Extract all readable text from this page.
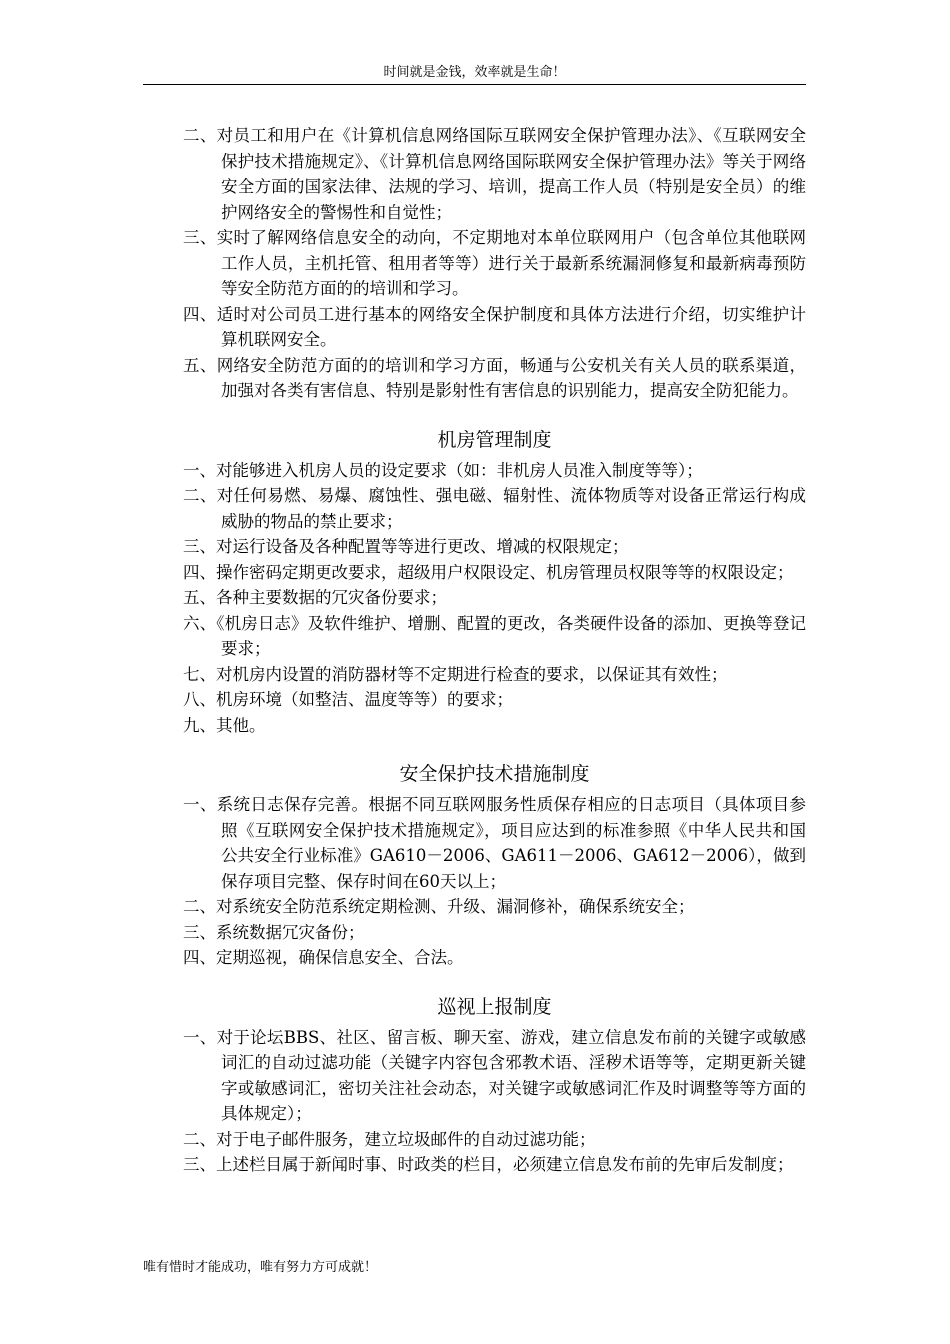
时间就是金钱，效率就是生命！
二、对员工和用户在《计算机信息网络国际互联网安全保护管理办法》、《互联网安全保护技术措施规定》、《计算机信息网络国际联网安全保护管理办法》等关于网络安全方面的国家法律、法规的学习、培训，提高工作人员（特别是安全员）的维护网络安全的警惕性和自觉性；
三、实时了解网络信息安全的动向，不定期地对本单位联网用户（包含单位其他联网工作人员，主机托管、租用者等等）进行关于最新系统漏洞修复和最新病毒预防等安全防范方面的的培训和学习。
四、适时对公司员工进行基本的网络安全保护制度和具体方法进行介绍，切实维护计算机联网安全。
五、网络安全防范方面的的培训和学习方面，畅通与公安机关有关人员的联系渠道，加强对各类有害信息、特别是影射性有害信息的识别能力，提高安全防犯能力。
机房管理制度
一、对能够进入机房人员的设定要求（如：非机房人员准入制度等等）；
二、对任何易燃、易爆、腐蚀性、强电磁、辐射性、流体物质等对设备正常运行构成威胁的物品的禁止要求；
三、对运行设备及各种配置等等进行更改、增减的权限规定；
四、操作密码定期更改要求，超级用户权限设定、机房管理员权限等等的权限设定；
五、各种主要数据的冗灾备份要求；
六、《机房日志》及软件维护、增删、配置的更改，各类硬件设备的添加、更换等登记要求；
七、对机房内设置的消防器材等不定期进行检查的要求，以保证其有效性；
八、机房环境（如整洁、温度等等）的要求；
九、其他。
安全保护技术措施制度
一、系统日志保存完善。根据不同互联网服务性质保存相应的日志项目（具体项目参照《互联网安全保护技术措施规定》，项目应达到的标准参照《中华人民共和国公共安全行业标准》GA610－2006、GA611－2006、GA612－2006），做到保存项目完整、保存时间在60天以上；
二、对系统安全防范系统定期检测、升级、漏洞修补，确保系统安全；
三、系统数据冗灾备份；
四、定期巡视，确保信息安全、合法。
巡视上报制度
一、对于论坛BBS、社区、留言板、聊天室、游戏，建立信息发布前的关键字或敏感词汇的自动过滤功能（关键字内容包含邪教术语、淫秽术语等等，定期更新关键字或敏感词汇，密切关注社会动态，对关键字或敏感词汇作及时调整等等方面的具体规定）；
二、对于电子邮件服务，建立垃圾邮件的自动过滤功能；
三、上述栏目属于新闻时事、时政类的栏目，必须建立信息发布前的先审后发制度；
唯有惜时才能成功，唯有努力方可成就！
